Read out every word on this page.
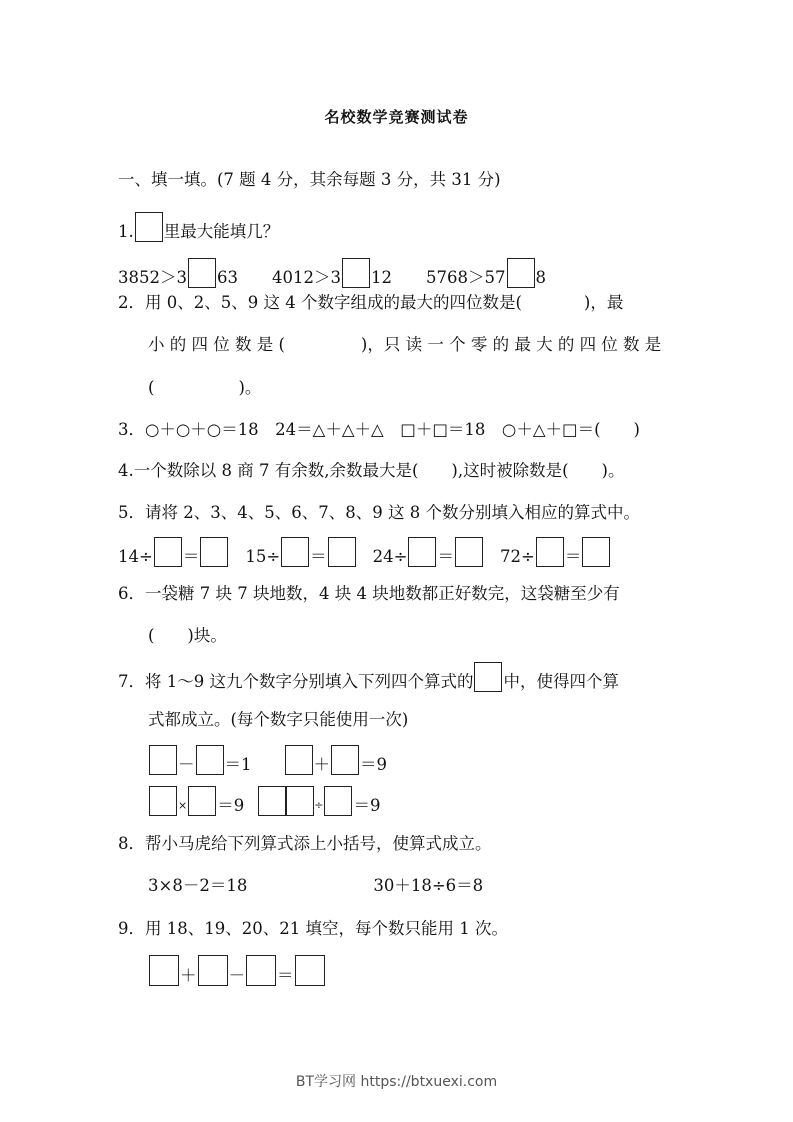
名校数学竞赛测试卷
一、填一填。(7 题 4 分，其余每题 3 分，共 31 分)
1. 里最大能填几？
3852＞3 63 4012＞3 12 5768＞57 8
2．用 0、2、5、9 这 4 个数字组成的最大的四位数是(	)，最
小 的 四 位 数 是 (	)，只 读 一 个 零 的 最 大 的 四 位 数 是
(	)。
3．○＋○＋○＝18　24＝△＋△＋△　□＋□＝18　○＋△＋□＝(　　)
4.一个数除以 8 商 7 有余数,余数最大是(　　),这时被除数是(　　)。
5．请将 2、3、4、5、6、7、8、9 这 8 个数分别填入相应的算式中。
14÷ ＝	15÷ ＝	24÷ ＝	72÷ ＝
6．一袋糖 7 块 7 块地数，4 块 4 块地数都正好数完，这袋糖至少有
(　　)块。
7．将 1～9 这九个数字分别填入下列四个算式的 中，使得四个算
式都成立。(每个数字只能使用一次)
－ ＝1	＋ ＝9
× ＝9	÷ ＝9
8．帮小马虎给下列算式添上小括号，使算式成立。
3×8－2＝18	30＋18÷6＝8
9．用 18、19、20、21 填空，每个数只能用 1 次。
＋ － ＝
BT学习网 https://btxuexi.com
